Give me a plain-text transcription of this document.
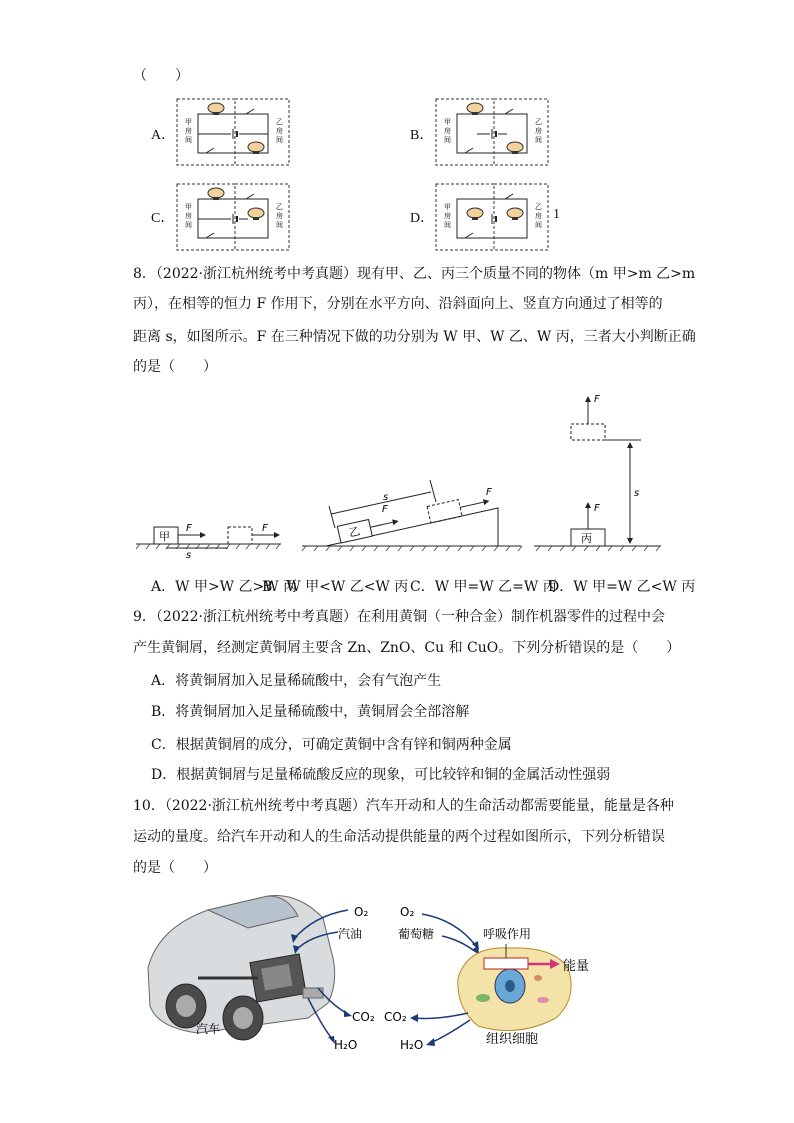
（　　）
A．	B．
C．	D．	1
甲
房
间
乙
房
间
甲
房
间
乙
房
间
甲
房
间
乙
房
间
甲
房
间
乙
房
间
8．（2022·浙江杭州统考中考真题）现有甲、乙、丙三个质量不同的物体（m 甲>m 乙>m
丙），在相等的恒力 F 作用下，分别在水平方向、沿斜面向上、竖直方向通过了相等的
距离 s，如图所示。F 在三种情况下做的功分别为 W 甲、W 乙、W 丙，三者大小判断正确
的是（　　）
甲
F	F
s
乙
F
F
s
丙
F
F
s
A．W 甲>W 乙>W 丙
B．W 甲<W 乙<W 丙 C．W 甲=W 乙=W 丙
D．W 甲=W 乙<W 丙
9．（2022·浙江杭州统考中考真题）在利用黄铜（一种合金）制作机器零件的过程中会
产生黄铜屑，经测定黄铜屑主要含 Zn、ZnO、Cu 和 CuO。下列分析错误的是（　　）
A．将黄铜屑加入足量稀硫酸中，会有气泡产生
B．将黄铜屑加入足量稀硫酸中，黄铜屑会全部溶解
C．根据黄铜屑的成分，可确定黄铜中含有锌和铜两种金属
D．根据黄铜屑与足量稀硫酸反应的现象，可比较锌和铜的金属活动性强弱
10．（2022·浙江杭州统考中考真题）汽车开动和人的生命活动都需要能量，能量是各种
运动的量度。给汽车开动和人的生命活动提供能量的两个过程如图所示，下列分析错误
的是（　　）
汽车
O₂
汽油
CO₂
H₂O
O₂
葡萄糖	呼吸作用
能量
CO₂
H₂O	组织细胞
